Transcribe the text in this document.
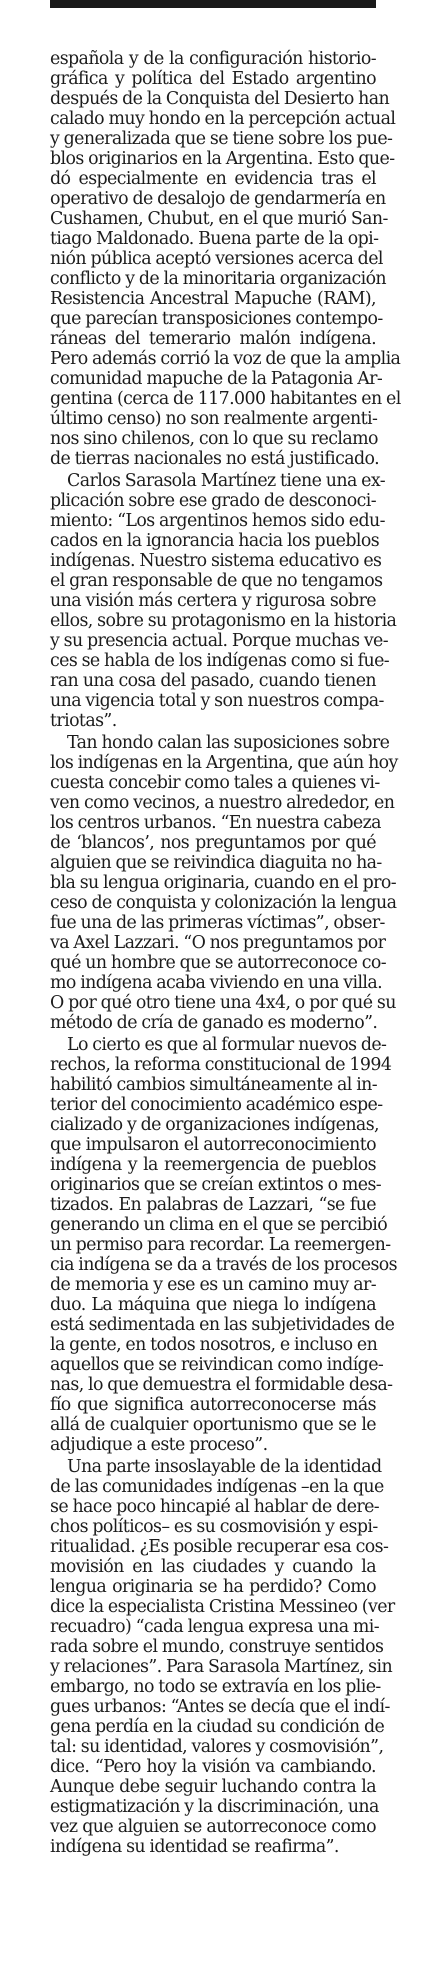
española y de la configuración historio-
gráfica y política del Estado argentino
después de la Conquista del Desierto han
calado muy hondo en la percepción actual
y generalizada que se tiene sobre los pue-
blos originarios en la Argentina. Esto que-
dó especialmente en evidencia tras el
operativo de desalojo de gendarmería en
Cushamen, Chubut, en el que murió San-
tiago Maldonado. Buena parte de la opi-
nión pública aceptó versiones acerca del
conflicto y de la minoritaria organización
Resistencia Ancestral Mapuche (RAM),
que parecían transposiciones contempo-
ráneas del temerario malón indígena.
Pero además corrió la voz de que la amplia
comunidad mapuche de la Patagonia Ar-
gentina (cerca de 117.000 habitantes en el
último censo) no son realmente argenti-
nos sino chilenos, con lo que su reclamo
de tierras nacionales no está justificado.
Carlos Sarasola Martínez tiene una ex-
plicación sobre ese grado de desconoci-
miento: “Los argentinos hemos sido edu-
cados en la ignorancia hacia los pueblos
indígenas. Nuestro sistema educativo es
el gran responsable de que no tengamos
una visión más certera y rigurosa sobre
ellos, sobre su protagonismo en la historia
y su presencia actual. Porque muchas ve-
ces se habla de los indígenas como si fue-
ran una cosa del pasado, cuando tienen
una vigencia total y son nuestros compa-
triotas”.
Tan hondo calan las suposiciones sobre
los indígenas en la Argentina, que aún hoy
cuesta concebir como tales a quienes vi-
ven como vecinos, a nuestro alrededor, en
los centros urbanos. “En nuestra cabeza
de ‘blancos’, nos preguntamos por qué
alguien que se reivindica diaguita no ha-
bla su lengua originaria, cuando en el pro-
ceso de conquista y colonización la lengua
fue una de las primeras víctimas”, obser-
va Axel Lazzari. “O nos preguntamos por
qué un hombre que se autorreconoce co-
mo indígena acaba viviendo en una villa.
O por qué otro tiene una 4x4, o por qué su
método de cría de ganado es moderno”.
Lo cierto es que al formular nuevos de-
rechos, la reforma constitucional de 1994
habilitó cambios simultáneamente al in-
terior del conocimiento académico espe-
cializado y de organizaciones indígenas,
que impulsaron el autorreconocimiento
indígena y la reemergencia de pueblos
originarios que se creían extintos o mes-
tizados. En palabras de Lazzari, “se fue
generando un clima en el que se percibió
un permiso para recordar. La reemergen-
cia indígena se da a través de los procesos
de memoria y ese es un camino muy ar-
duo. La máquina que niega lo indígena
está sedimentada en las subjetividades de
la gente, en todos nosotros, e incluso en
aquellos que se reivindican como indíge-
nas, lo que demuestra el formidable desa-
fío que significa autorreconocerse más
allá de cualquier oportunismo que se le
adjudique a este proceso”.
Una parte insoslayable de la identidad
de las comunidades indígenas –en la que
se hace poco hincapié al hablar de dere-
chos políticos– es su cosmovisión y espi-
ritualidad. ¿Es posible recuperar esa cos-
movisión en las ciudades y cuando la
lengua originaria se ha perdido? Como
dice la especialista Cristina Messineo (ver
recuadro) “cada lengua expresa una mi-
rada sobre el mundo, construye sentidos
y relaciones”. Para Sarasola Martínez, sin
embargo, no todo se extravía en los plie-
gues urbanos: “Antes se decía que el indí-
gena perdía en la ciudad su condición de
tal: su identidad, valores y cosmovisión”,
dice. “Pero hoy la visión va cambiando.
Aunque debe seguir luchando contra la
estigmatización y la discriminación, una
vez que alguien se autorreconoce como
indígena su identidad se reafirma”.
